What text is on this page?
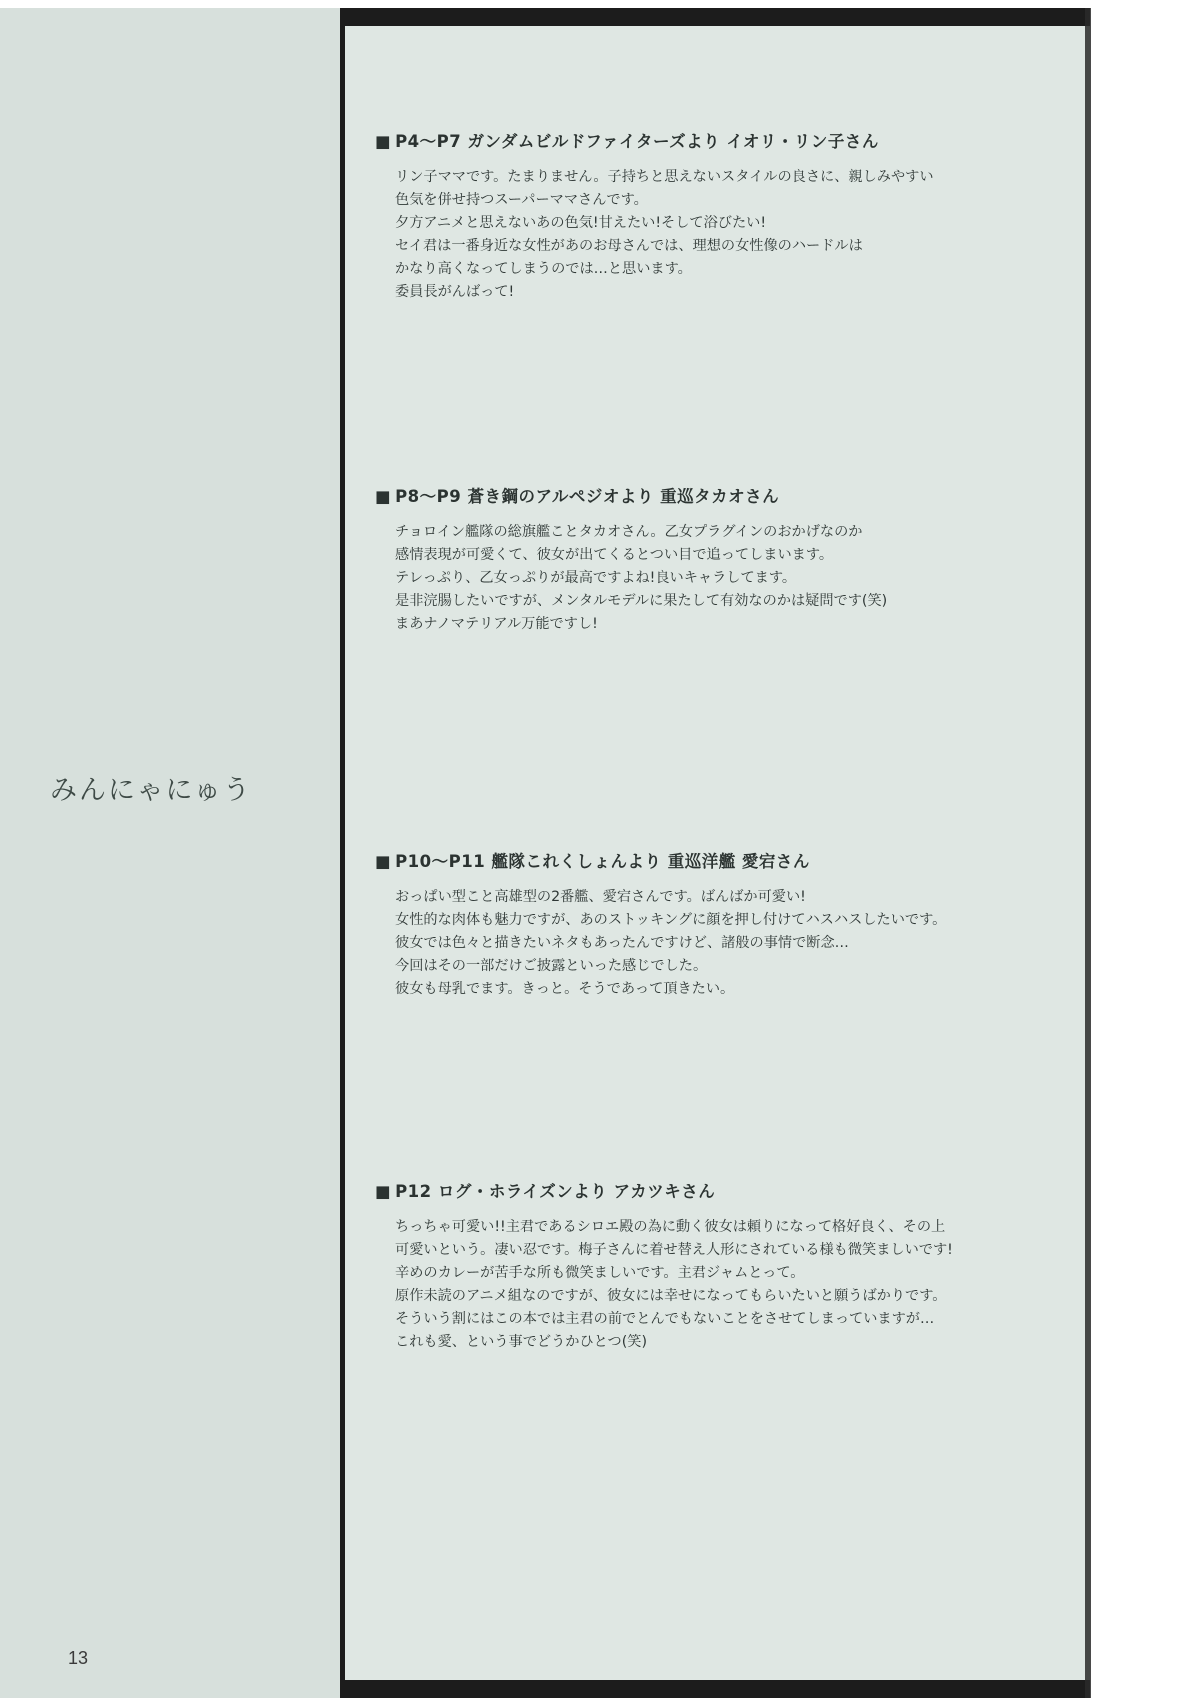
みんにゃにゅう
■ P4〜P7 ガンダムビルドファイターズより イオリ・リン子さん
リン子ママです。たまりません。子持ちと思えないスタイルの良さに、親しみやすい
色気を併せ持つスーパーママさんです。
夕方アニメと思えないあの色気!甘えたい!そして浴びたい!
セイ君は一番身近な女性があのお母さんでは、理想の女性像のハードルは
かなり高くなってしまうのでは…と思います。
委員長がんばって!
■ P8〜P9 蒼き鋼のアルペジオより 重巡タカオさん
チョロイン艦隊の総旗艦ことタカオさん。乙女プラグインのおかげなのか
感情表現が可愛くて、彼女が出てくるとつい目で追ってしまいます。
テレっぷり、乙女っぷりが最高ですよね!良いキャラしてます。
是非浣腸したいですが、メンタルモデルに果たして有効なのかは疑問です(笑)
まあナノマテリアル万能ですし!
■ P10〜P11 艦隊これくしょんより 重巡洋艦 愛宕さん
おっぱい型こと高雄型の2番艦、愛宕さんです。ばんばか可愛い!
女性的な肉体も魅力ですが、あのストッキングに顔を押し付けてハスハスしたいです。
彼女では色々と描きたいネタもあったんですけど、諸般の事情で断念…
今回はその一部だけご披露といった感じでした。
彼女も母乳でます。きっと。そうであって頂きたい。
■ P12 ログ・ホライズンより アカツキさん
ちっちゃ可愛い!!主君であるシロエ殿の為に動く彼女は頼りになって格好良く、その上
可愛いという。凄い忍です。梅子さんに着せ替え人形にされている様も微笑ましいです!
辛めのカレーが苦手な所も微笑ましいです。主君ジャムとって。
原作未読のアニメ組なのですが、彼女には幸せになってもらいたいと願うばかりです。
そういう割にはこの本では主君の前でとんでもないことをさせてしまっていますが…
これも愛、という事でどうかひとつ(笑)
13
